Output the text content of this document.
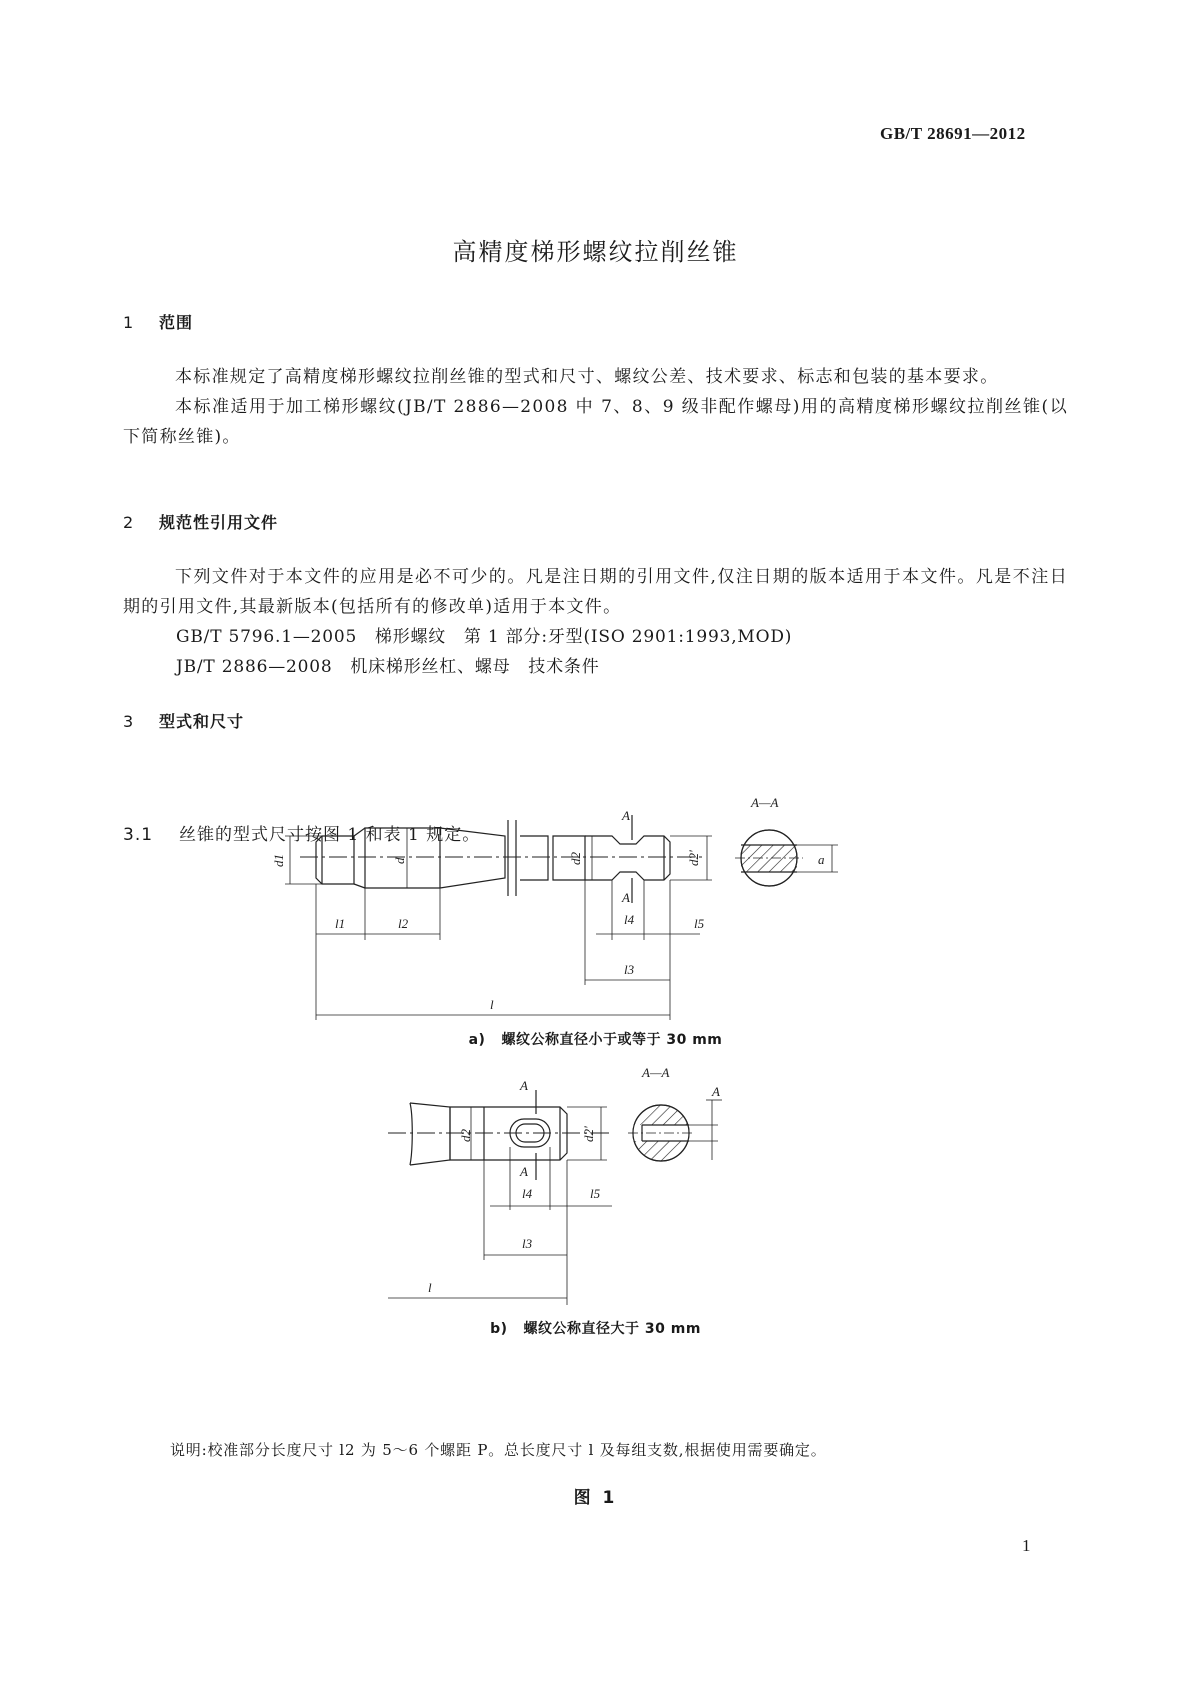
GB/T 28691—2012
高精度梯形螺纹拉削丝锥
1 范围

本标准规定了高精度梯形螺纹拉削丝锥的型式和尺寸、螺纹公差、技术要求、标志和包装的基本要求。

本标准适用于加工梯形螺纹(JB/T 2886—2008 中 7、8、9 级非配作螺母)用的高精度梯形螺纹拉削丝锥(以下简称丝锥)。

2 规范性引用文件

下列文件对于本文件的应用是必不可少的。凡是注日期的引用文件,仅注日期的版本适用于本文件。凡是不注日期的引用文件,其最新版本(包括所有的修改单)适用于本文件。

GB/T 5796.1—2005　梯形螺纹　第 1 部分:牙型(ISO 2901:1993,MOD)
JB/T 2886—2008　机床梯形丝杠、螺母　技术条件
3 型式和尺寸
3.1 丝锥的型式尺寸按图 1 和表 1 规定。
d1	d	d2	d2'	a
A
A
A—A
l1	l2	l4	l5
l3
l
a) 螺纹公称直径小于或等于 30 mm
d2	d2'
A
A
A
A—A
l4	l5
l3
l
b) 螺纹公称直径大于 30 mm
说明:校准部分长度尺寸 l2 为 5～6 个螺距 P。总长度尺寸 l 及每组支数,根据使用需要确定。
图 1
1
